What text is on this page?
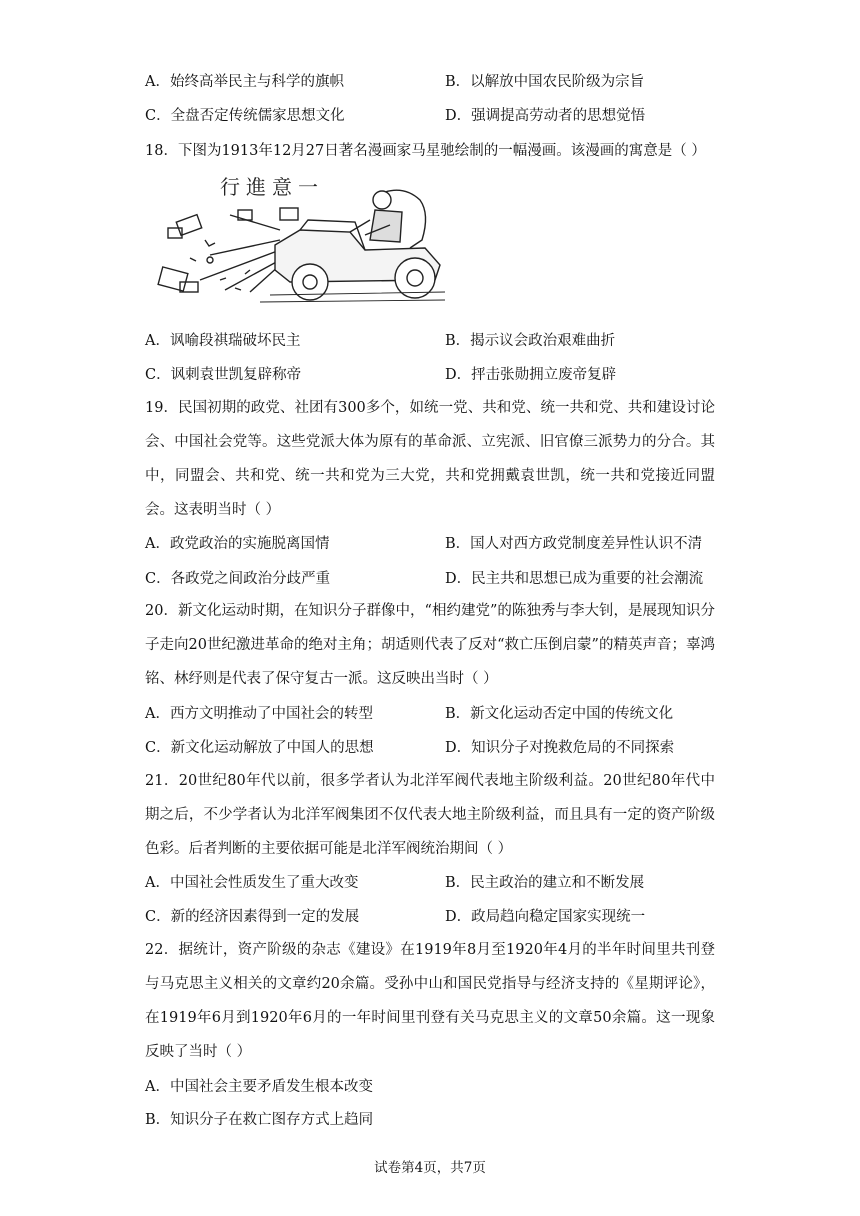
A．始终高举民主与科学的旗帜	B．以解放中国农民阶级为宗旨
C．全盘否定传统儒家思想文化	D．强调提高劳动者的思想觉悟
18．下图为1913年12月27日著名漫画家马星驰绘制的一幅漫画。该漫画的寓意是（ ）
行進意一
A．讽喻段祺瑞破坏民主	B．揭示议会政治艰难曲折
C．讽刺袁世凯复辟称帝	D．抨击张勋拥立废帝复辟
19．民国初期的政党、社团有300多个，如统一党、共和党、统一共和党、共和建设讨论会、中国社会党等。这些党派大体为原有的革命派、立宪派、旧官僚三派势力的分合。其中，同盟会、共和党、统一共和党为三大党，共和党拥戴袁世凯，统一共和党接近同盟会。这表明当时（ ）
A．政党政治的实施脱离国情	B．国人对西方政党制度差异性认识不清
C．各政党之间政治分歧严重	D．民主共和思想已成为重要的社会潮流
20．新文化运动时期，在知识分子群像中，“相约建党”的陈独秀与李大钊，是展现知识分子走向20世纪激进革命的绝对主角；胡适则代表了反对“救亡压倒启蒙”的精英声音；辜鸿铭、林纾则是代表了保守复古一派。这反映出当时（ ）
A．西方文明推动了中国社会的转型	B．新文化运动否定中国的传统文化
C．新文化运动解放了中国人的思想	D．知识分子对挽救危局的不同探索
21．20世纪80年代以前，很多学者认为北洋军阀代表地主阶级利益。20世纪80年代中期之后，不少学者认为北洋军阀集团不仅代表大地主阶级利益，而且具有一定的资产阶级色彩。后者判断的主要依据可能是北洋军阀统治期间（ ）
A．中国社会性质发生了重大改变	B．民主政治的建立和不断发展
C．新的经济因素得到一定的发展	D．政局趋向稳定国家实现统一
22．据统计，资产阶级的杂志《建设》在1919年8月至1920年4月的半年时间里共刊登与马克思主义相关的文章约20余篇。受孙中山和国民党指导与经济支持的《星期评论》，在1919年6月到1920年6月的一年时间里刊登有关马克思主义的文章50余篇。这一现象反映了当时（ ）
A．中国社会主要矛盾发生根本改变
B．知识分子在救亡图存方式上趋同
试卷第4页，共7页
